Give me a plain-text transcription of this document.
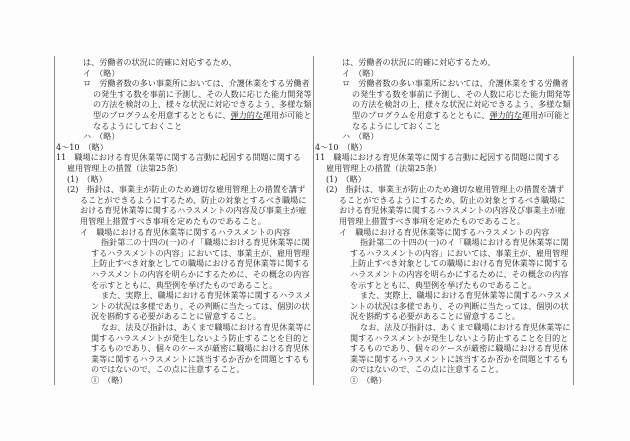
は、労働者の状況に的確に対応するため、
イ　（略）
ロ　労働者数の多い事業所においては、介護休業をする労働者
の発生する数を事前に予測し、その人数に応じた能力開発等
の方法を検討の上、様々な状況に対応できるよう、多様な類
型のプログラムを用意するとともに、弾力的な運用が可能と
なるようにしておくこと
ハ　（略）
4～10　（略）
11　職場における育児休業等に関する言動に起因する問題に関する
雇用管理上の措置（法第25条）
(1)　（略）
(2)　指針は、事業主が防止のため適切な雇用管理上の措置を講ず
ることができるようにするため、防止の対象とするべき職場に
おける育児休業等に関するハラスメントの内容及び事業主が雇
用管理上措置すべき事項を定めたものであること。
イ　職場における育児休業等に関するハラスメントの内容
指針第二の十四の(一)のイ「職場における育児休業等に関
するハラスメントの内容」においては、事業主が、雇用管理
上防止すべき対象としての職場における育児休業等に関する
ハラスメントの内容を明らかにするために、その概念の内容
を示すとともに、典型例を挙げたものであること。
また、実際上、職場における育児休業等に関するハラスメ
ントの状況は多様であり、その判断に当たっては、個別の状
況を斟酌する必要があることに留意すること。
なお、法及び指針は、あくまで職場における育児休業等に
関するハラスメントが発生しないよう防止することを目的と
するものであり、個々のケースが厳密に職場における育児休
業等に関するハラスメントに該当するか否かを問題とするも
のではないので、この点に注意すること。
①　（略）
は、労働者の状況に的確に対応するため、
イ　（略）
ロ　労働者数の多い事業所においては、介護休業をする労働者
の発生する数を事前に予測し、その人数に応じた能力開発等
の方法を検討の上、様々な状況に対応できるよう、多様な類
型のプログラムを用意するとともに、弾力的な運用が可能と
なるようにしておくこと
ハ　（略）
4～10　（略）
11　職場における育児休業等に関する言動に起因する問題に関する
雇用管理上の措置（法第25条）
(1)　（略）
(2)　指針は、事業主が防止のため適切な雇用管理上の措置を講ず
ることができるようにするため、防止の対象とするべき職場に
おける育児休業等に関するハラスメントの内容及び事業主が雇
用管理上措置すべき事項を定めたものであること。
イ　職場における育児休業等に関するハラスメントの内容
指針第二の十四の(一)のイ「職場における育児休業等に関
するハラスメントの内容」においては、事業主が、雇用管理
上防止すべき対象としての職場における育児休業等に関する
ハラスメントの内容を明らかにするために、その概念の内容
を示すとともに、典型例を挙げたものであること。
また、実際上、職場における育児休業等に関するハラスメ
ントの状況は多様であり、その判断に当たっては、個別の状
況を斟酌する必要があることに留意すること。
なお、法及び指針は、あくまで職場における育児休業等に
関するハラスメントが発生しないよう防止することを目的と
するものであり、個々のケースが厳密に職場における育児休
業等に関するハラスメントに該当するか否かを問題とするも
のではないので、この点に注意すること。
①　（略）
